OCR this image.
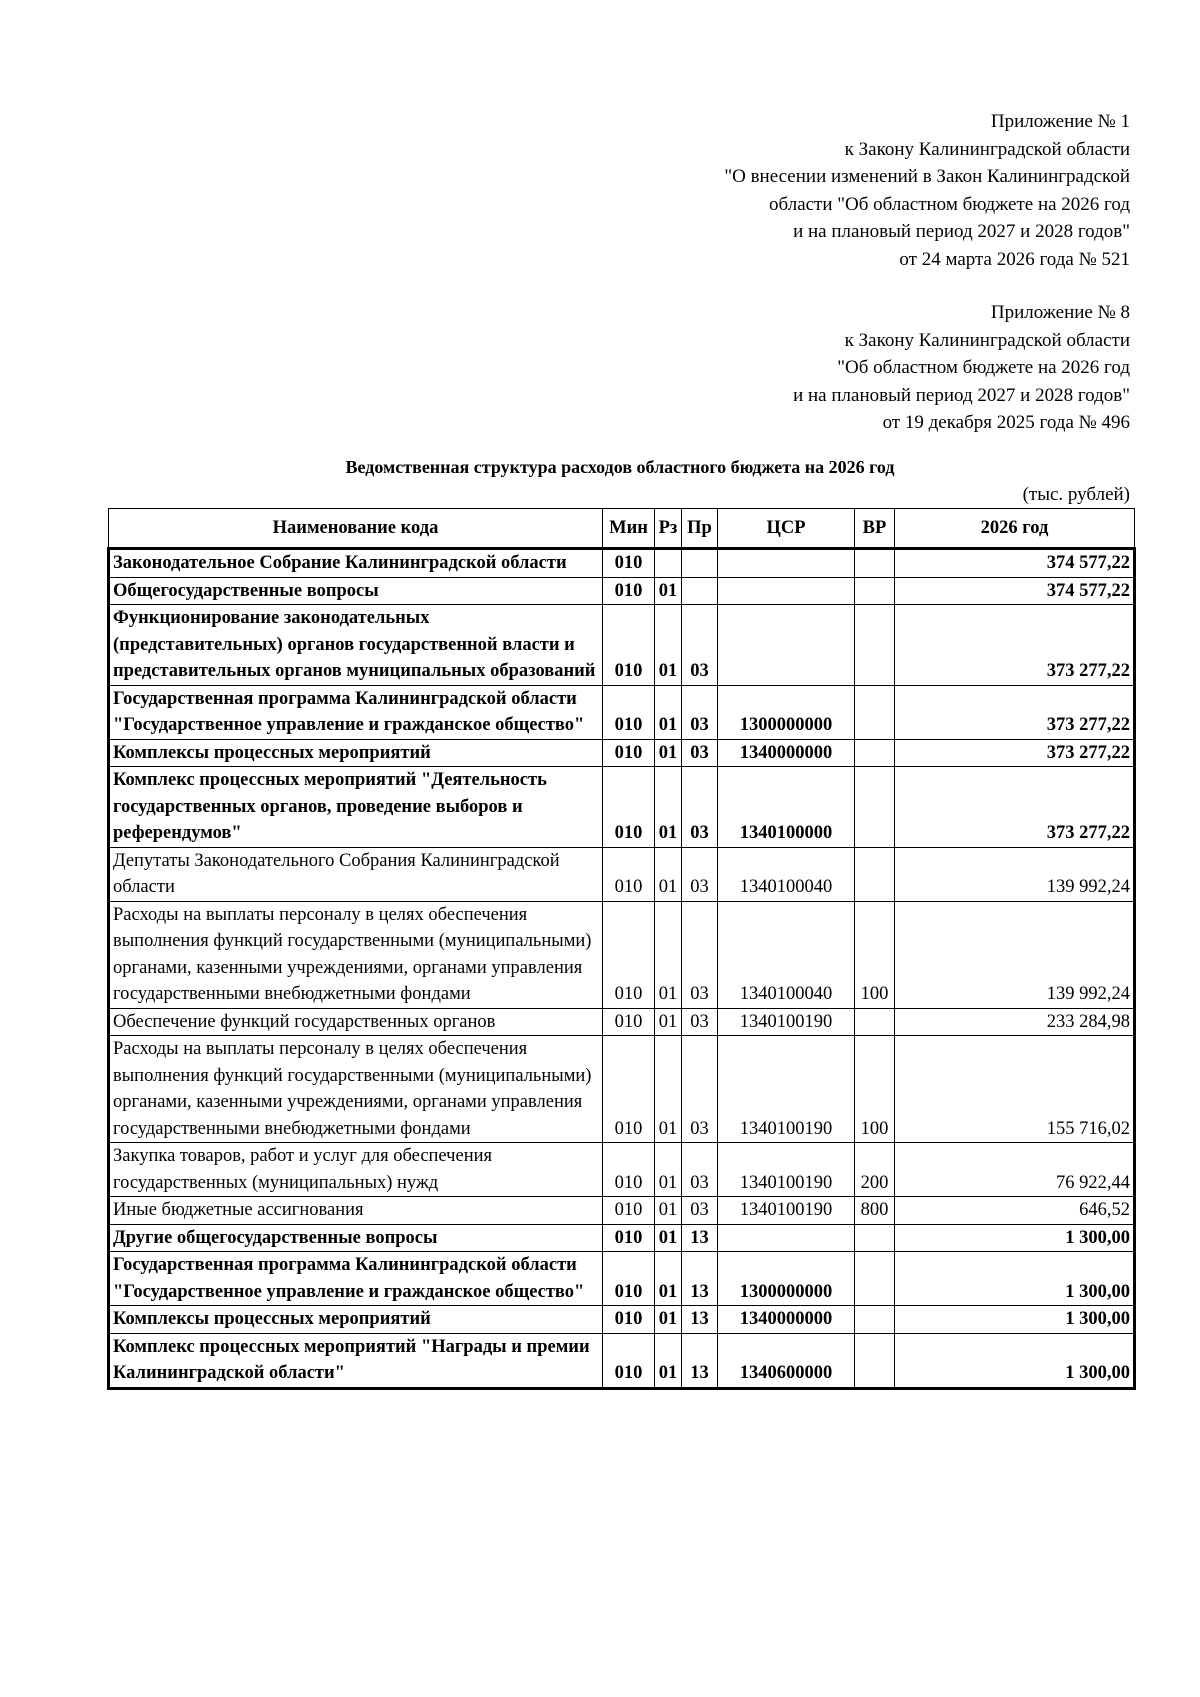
Приложение № 1
к Закону Калининградской области
"О внесении изменений в Закон Калининградской
области "Об областном бюджете на 2026 год
и на плановый период 2027 и 2028 годов"
от 24 марта 2026 года № 521
Приложение № 8
к Закону Калининградской области
"Об областном бюджете на 2026 год
и на плановый период 2027 и 2028 годов"
от 19 декабря 2025 года № 496
Ведомственная структура расходов областного бюджета на 2026 год
(тыс. рублей)
Наименование кода	Мин	Рз	Пр	ЦСР	ВР	2026 год
Законодательное Собрание Калининградской области	010					374 577,22
Общегосударственные вопросы	010	01				374 577,22
Функционирование законодательных (представительных) органов государственной власти и представительных органов муниципальных образований	010	01	03			373 277,22
Государственная программа Калининградской области "Государственное управление и гражданское общество"	010	01	03	1300000000		373 277,22
Комплексы процессных мероприятий	010	01	03	1340000000		373 277,22
Комплекс процессных мероприятий "Деятельность государственных органов, проведение выборов и референдумов"	010	01	03	1340100000		373 277,22
Депутаты Законодательного Собрания Калининградской области	010	01	03	1340100040		139 992,24
Расходы на выплаты персоналу в целях обеспечения выполнения функций государственными (муниципальными) органами, казенными учреждениями, органами управления государственными внебюджетными фондами	010	01	03	1340100040	100	139 992,24
Обеспечение функций государственных органов	010	01	03	1340100190		233 284,98
Расходы на выплаты персоналу в целях обеспечения выполнения функций государственными (муниципальными) органами, казенными учреждениями, органами управления государственными внебюджетными фондами	010	01	03	1340100190	100	155 716,02
Закупка товаров, работ и услуг для обеспечения государственных (муниципальных) нужд	010	01	03	1340100190	200	76 922,44
Иные бюджетные ассигнования	010	01	03	1340100190	800	646,52
Другие общегосударственные вопросы	010	01	13			1 300,00
Государственная программа Калининградской области "Государственное управление и гражданское общество"	010	01	13	1300000000		1 300,00
Комплексы процессных мероприятий	010	01	13	1340000000		1 300,00
Комплекс процессных мероприятий "Награды и премии Калининградской области"	010	01	13	1340600000		1 300,00
